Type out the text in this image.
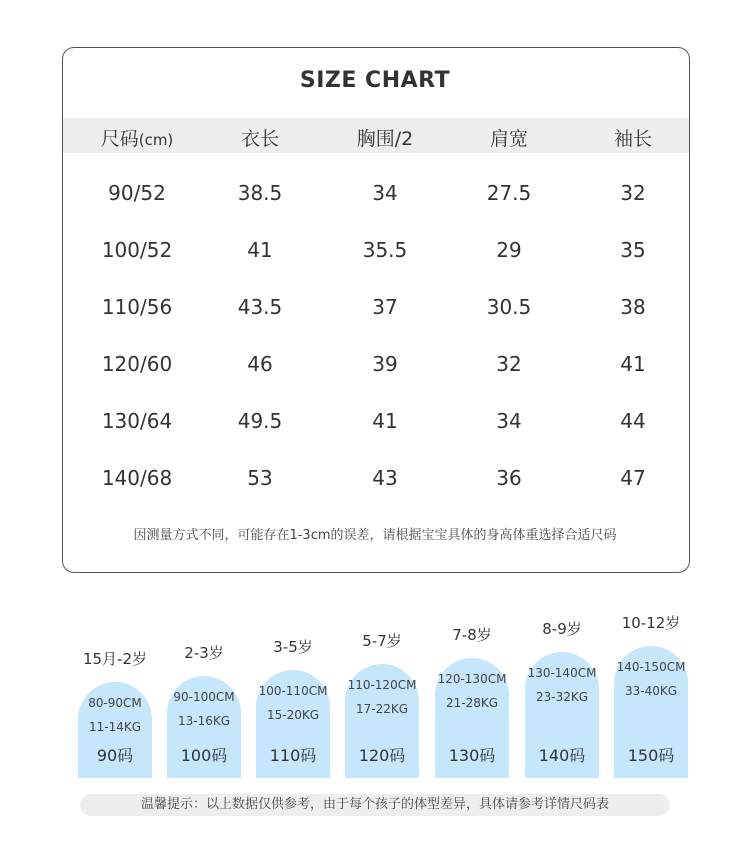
SIZE CHART
尺码(cm)	衣长	胸围/2	肩宽	袖长
90/52	38.5	34	27.5	32
100/52	41	35.5	29	35
110/56	43.5	37	30.5	38
120/60	46	39	32	41
130/64	49.5	41	34	44
140/68	53	43	36	47
因测量方式不同，可能存在1-3cm的误差，请根据宝宝具体的身高体重选择合适尺码
15月-2岁
80-90CM
11-14KG
90码
2-3岁
90-100CM
13-16KG
100码
3-5岁
100-110CM
15-20KG
110码
5-7岁
110-120CM
17-22KG
120码
7-8岁
120-130CM
21-28KG
130码
8-9岁
130-140CM
23-32KG
140码
10-12岁
140-150CM
33-40KG
150码
温馨提示：以上数据仅供参考，由于每个孩子的体型差异，具体请参考详情尺码表
